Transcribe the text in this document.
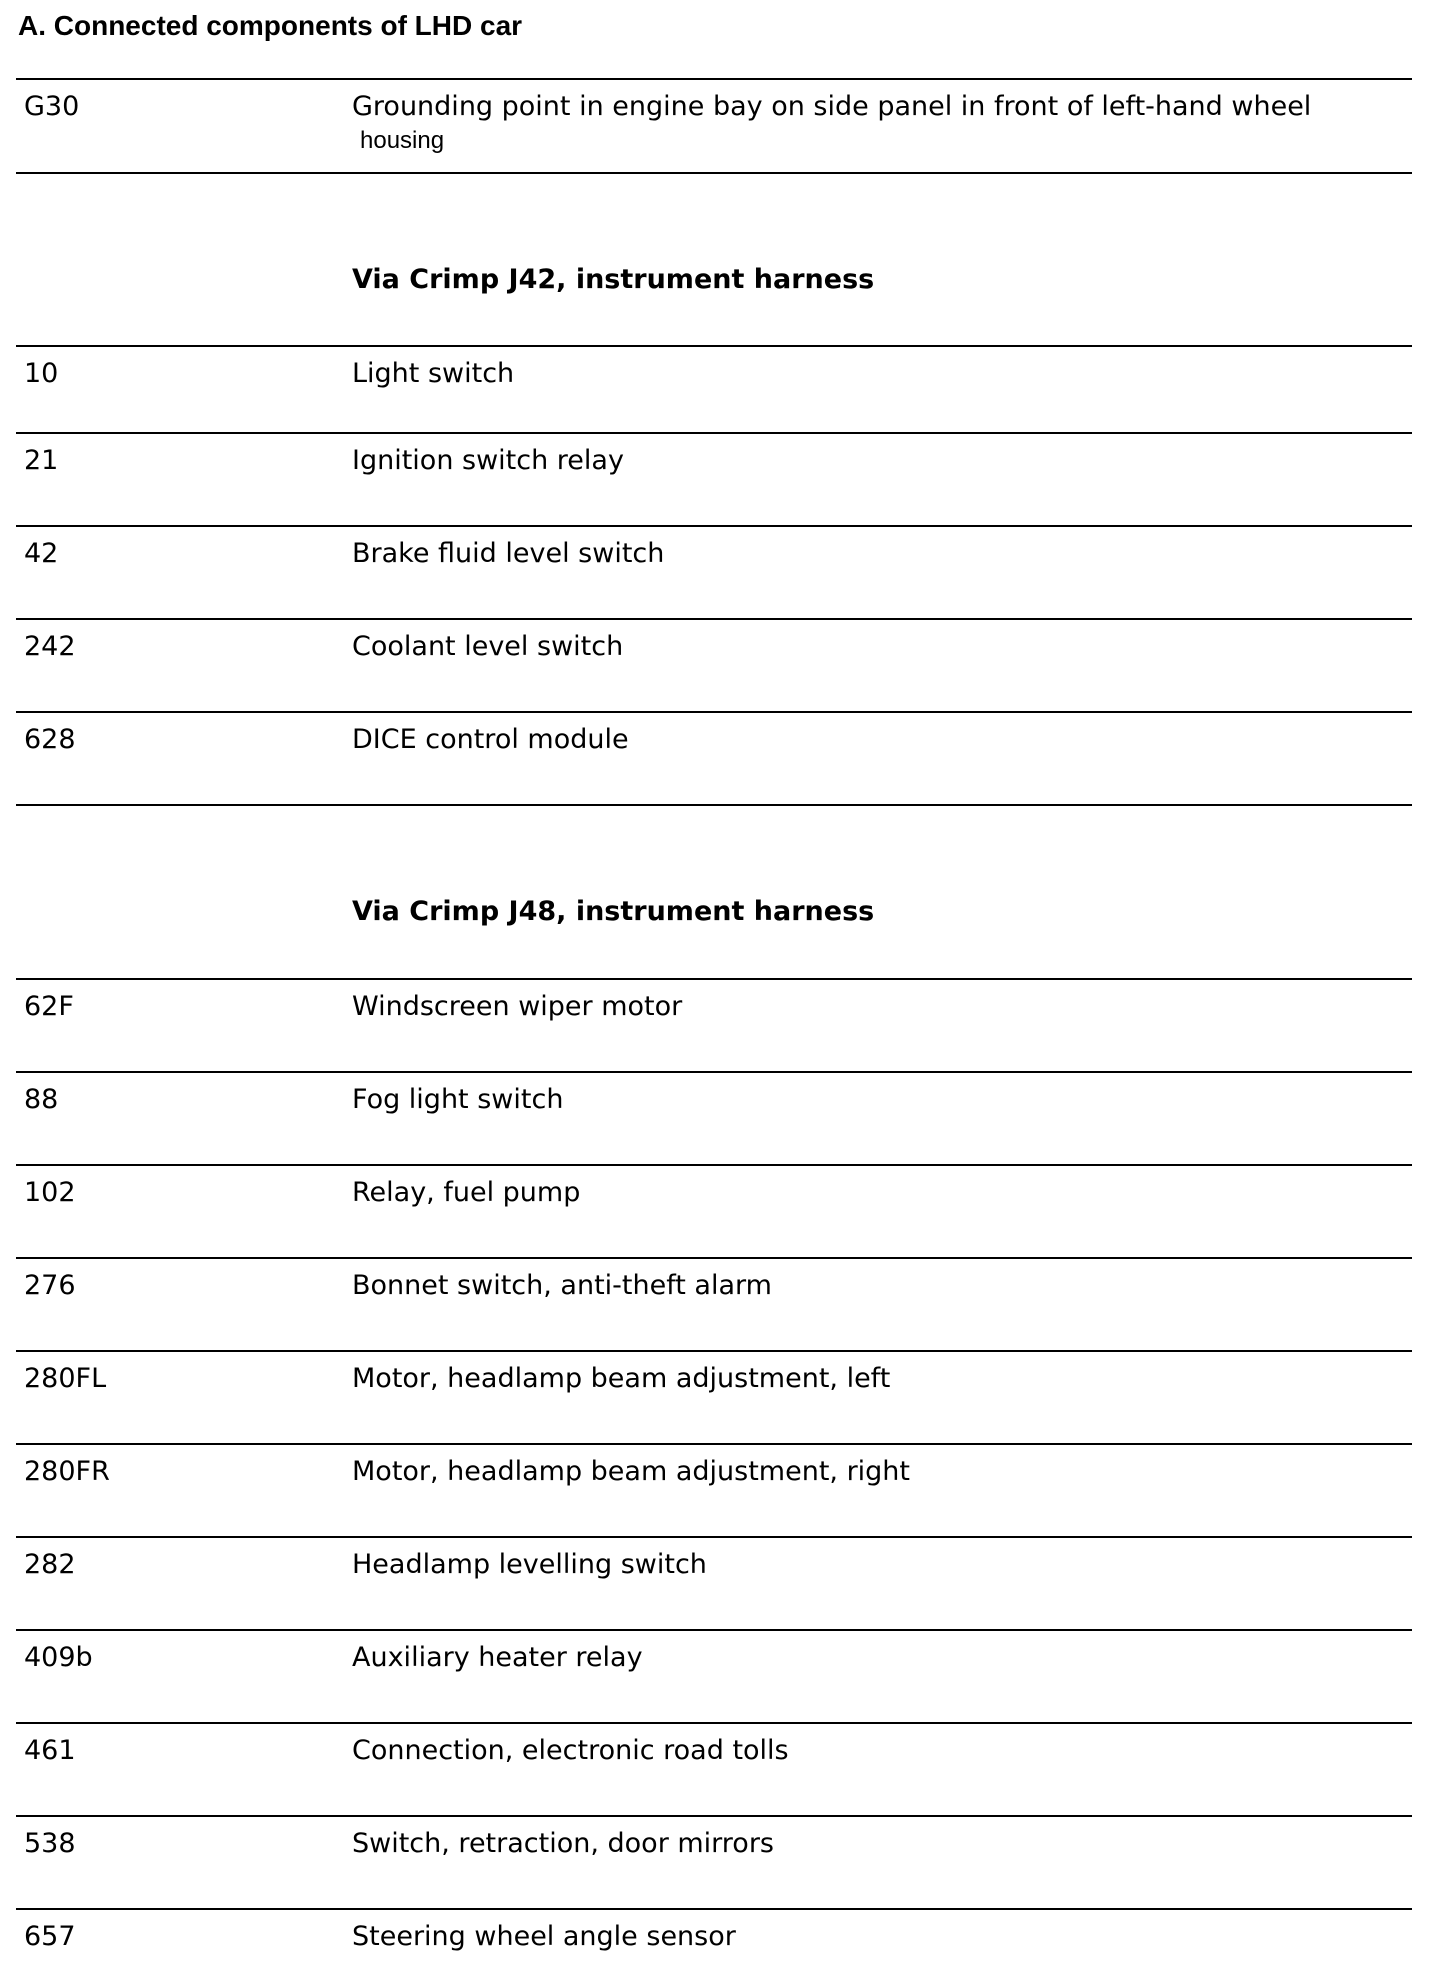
A. Connected components of LHD car
G30	Grounding point in engine bay on side panel in front of left-hand wheel
housing
Via Crimp J42, instrument harness
10	Light switch
21	Ignition switch relay
42	Brake fluid level switch
242	Coolant level switch
628	DICE control module
Via Crimp J48, instrument harness
62F	Windscreen wiper motor
88	Fog light switch
102	Relay, fuel pump
276	Bonnet switch, anti-theft alarm
280FL	Motor, headlamp beam adjustment, left
280FR	Motor, headlamp beam adjustment, right
282	Headlamp levelling switch
409b	Auxiliary heater relay
461	Connection, electronic road tolls
538	Switch, retraction, door mirrors
657	Steering wheel angle sensor
